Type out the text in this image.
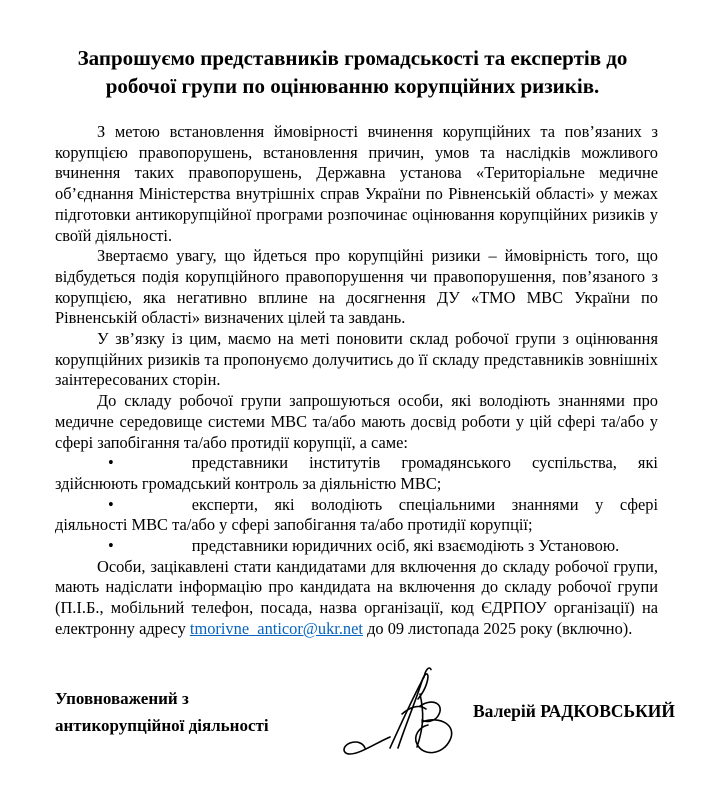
Запрошуємо представників громадськості та експертів до робочої групи по оцінюванню корупційних ризиків.

З метою встановлення ймовірності вчинення корупційних та пов’язаних з корупцією правопорушень, встановлення причин, умов та наслідків можливого вчинення таких правопорушень, Державна установа «Територіальне медичне об’єднання Міністерства внутрішніх справ України по Рівненській області» у межах підготовки антикорупційної програми розпочинає оцінювання корупційних ризиків у своїй діяльності.

Звертаємо увагу, що йдеться про корупційні ризики – ймовірність того, що відбудеться подія корупційного правопорушення чи правопорушення, пов’язаного з корупцією, яка негативно вплине на досягнення ДУ «ТМО МВС України по Рівненській області» визначених цілей та завдань.

У зв’язку із цим, маємо на меті поновити склад робочої групи з оцінювання корупційних ризиків та пропонуємо долучитись до її складу представників зовнішніх заінтересованих сторін.

До складу робочої групи запрошуються особи, які володіють знаннями про медичне середовище системи МВС та/або мають досвід роботи у цій сфері та/або у сфері запобігання та/або протидії корупції, а саме:

•	представники інститутів громадянського суспільства, які здійснюють громадський контроль за діяльністю МВС;

•	експерти, які володіють спеціальними знаннями у сфері діяльності МВС та/або у сфері запобігання та/або протидії корупції;

•	представники юридичних осіб, які взаємодіють з Установою.

Особи, зацікавлені стати кандидатами для включення до складу робочої групи, мають надіслати інформацію про кандидата на включення до складу робочої групи (П.І.Б., мобільний телефон, посада, назва організації, код ЄДРПОУ організації) на електронну адресу tmorivne_anticor@ukr.net до 09 листопада 2025 року (включно).

Уповноважений з антикорупційної діяльності
Валерій РАДКОВСЬКИЙ
